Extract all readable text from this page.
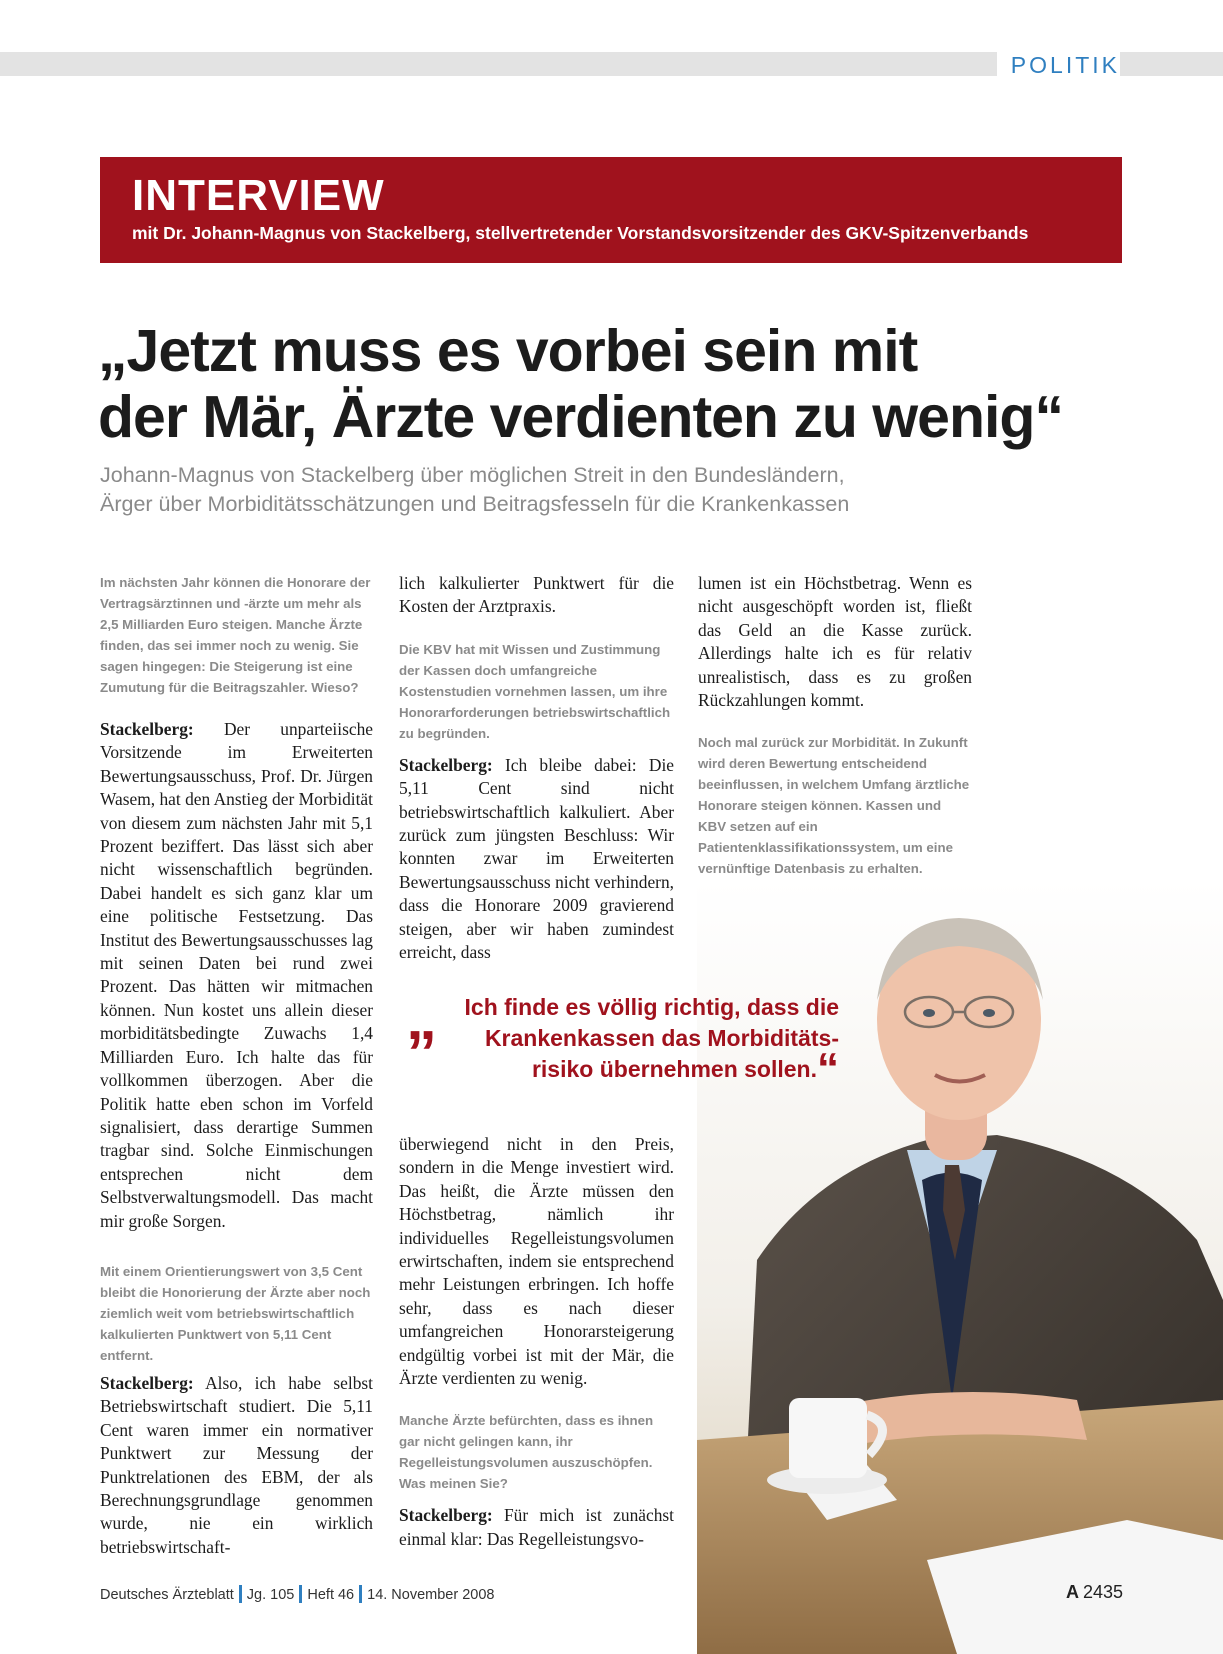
POLITIK
INTERVIEW
mit Dr. Johann-Magnus von Stackelberg, stellvertretender Vorstandsvorsitzender des GKV-Spitzenverbands
„Jetzt muss es vorbei sein mit
der Mär, Ärzte verdienten zu wenig“
Johann-Magnus von Stackelberg über möglichen Streit in den Bundesländern,
Ärger über Morbiditätsschätzungen und Beitragsfesseln für die Krankenkassen

Im nächsten Jahr können die Honorare der Vertragsärztinnen und -ärzte um mehr als 2,5 Milliarden Euro steigen. Manche Ärzte finden, das sei immer noch zu wenig. Sie sagen hingegen: Die Steigerung ist eine Zumutung für die Beitragszahler. Wieso?

Stackelberg: Der unparteiische Vorsitzende im Erweiterten Bewertungsausschuss, Prof. Dr. Jürgen Wasem, hat den Anstieg der Morbidität von diesem zum nächsten Jahr mit 5,1 Prozent beziffert. Das lässt sich aber nicht wissenschaftlich begründen. Dabei handelt es sich ganz klar um eine politische Festsetzung. Das Institut des Bewertungsausschusses lag mit seinen Daten bei rund zwei Prozent. Das hätten wir mitmachen können. Nun kostet uns allein dieser morbiditätsbedingte Zuwachs 1,4 Milliarden Euro. Ich halte das für vollkommen überzogen. Aber die Politik hatte eben schon im Vorfeld signalisiert, dass derartige Summen tragbar sind. Solche Einmischungen entsprechen nicht dem Selbstverwaltungsmodell. Das macht mir große Sorgen.

Mit einem Orientierungswert von 3,5 Cent bleibt die Honorierung der Ärzte aber noch ziemlich weit vom betriebswirtschaftlich kalkulierten Punktwert von 5,11 Cent entfernt.

Stackelberg: Also, ich habe selbst Betriebswirtschaft studiert. Die 5,11 Cent waren immer ein normativer Punktwert zur Messung der Punktrelationen des EBM, der als Berechnungsgrundlage genommen wurde, nie ein wirklich betriebswirtschaft-

lich kalkulierter Punktwert für die Kosten der Arztpraxis.

Die KBV hat mit Wissen und Zustimmung der Kassen doch umfangreiche Kostenstudien vornehmen lassen, um ihre Honorarforderungen betriebswirtschaftlich zu begründen.

Stackelberg: Ich bleibe dabei: Die 5,11 Cent sind nicht betriebswirtschaftlich kalkuliert. Aber zurück zum jüngsten Beschluss: Wir konnten zwar im Erweiterten Bewertungsausschuss nicht verhindern, dass die Honorare 2009 gravierend steigen, aber wir haben zumindest erreicht, dass

überwiegend nicht in den Preis, sondern in die Menge investiert wird. Das heißt, die Ärzte müssen den Höchstbetrag, nämlich ihr individuelles Regelleistungsvolumen erwirtschaften, indem sie entsprechend mehr Leistungen erbringen. Ich hoffe sehr, dass es nach dieser umfangreichen Honorarsteigerung endgültig vorbei ist mit der Mär, die Ärzte verdienten zu wenig.

Manche Ärzte befürchten, dass es ihnen gar nicht gelingen kann, ihr Regelleistungsvolumen auszuschöpfen. Was meinen Sie?

Stackelberg: Für mich ist zunächst einmal klar: Das Regelleistungsvo-

lumen ist ein Höchstbetrag. Wenn es nicht ausgeschöpft worden ist, fließt das Geld an die Kasse zurück. Allerdings halte ich es für relativ unrealistisch, dass es zu großen Rückzahlungen kommt.

Noch mal zurück zur Morbidität. In Zukunft wird deren Bewertung entscheidend beeinflussen, in welchem Umfang ärztliche Honorare steigen können. Kassen und KBV setzen auf ein Patientenklassifikationssystem, um eine vernünftige Datenbasis zu erhalten.

„	Ich finde es völlig richtig, dass die
Krankenkassen das Morbiditäts-
risiko übernehmen sollen.“
Deutsches Ärzteblatt Jg. 105 Heft 46 14. November 2008	A 2435
